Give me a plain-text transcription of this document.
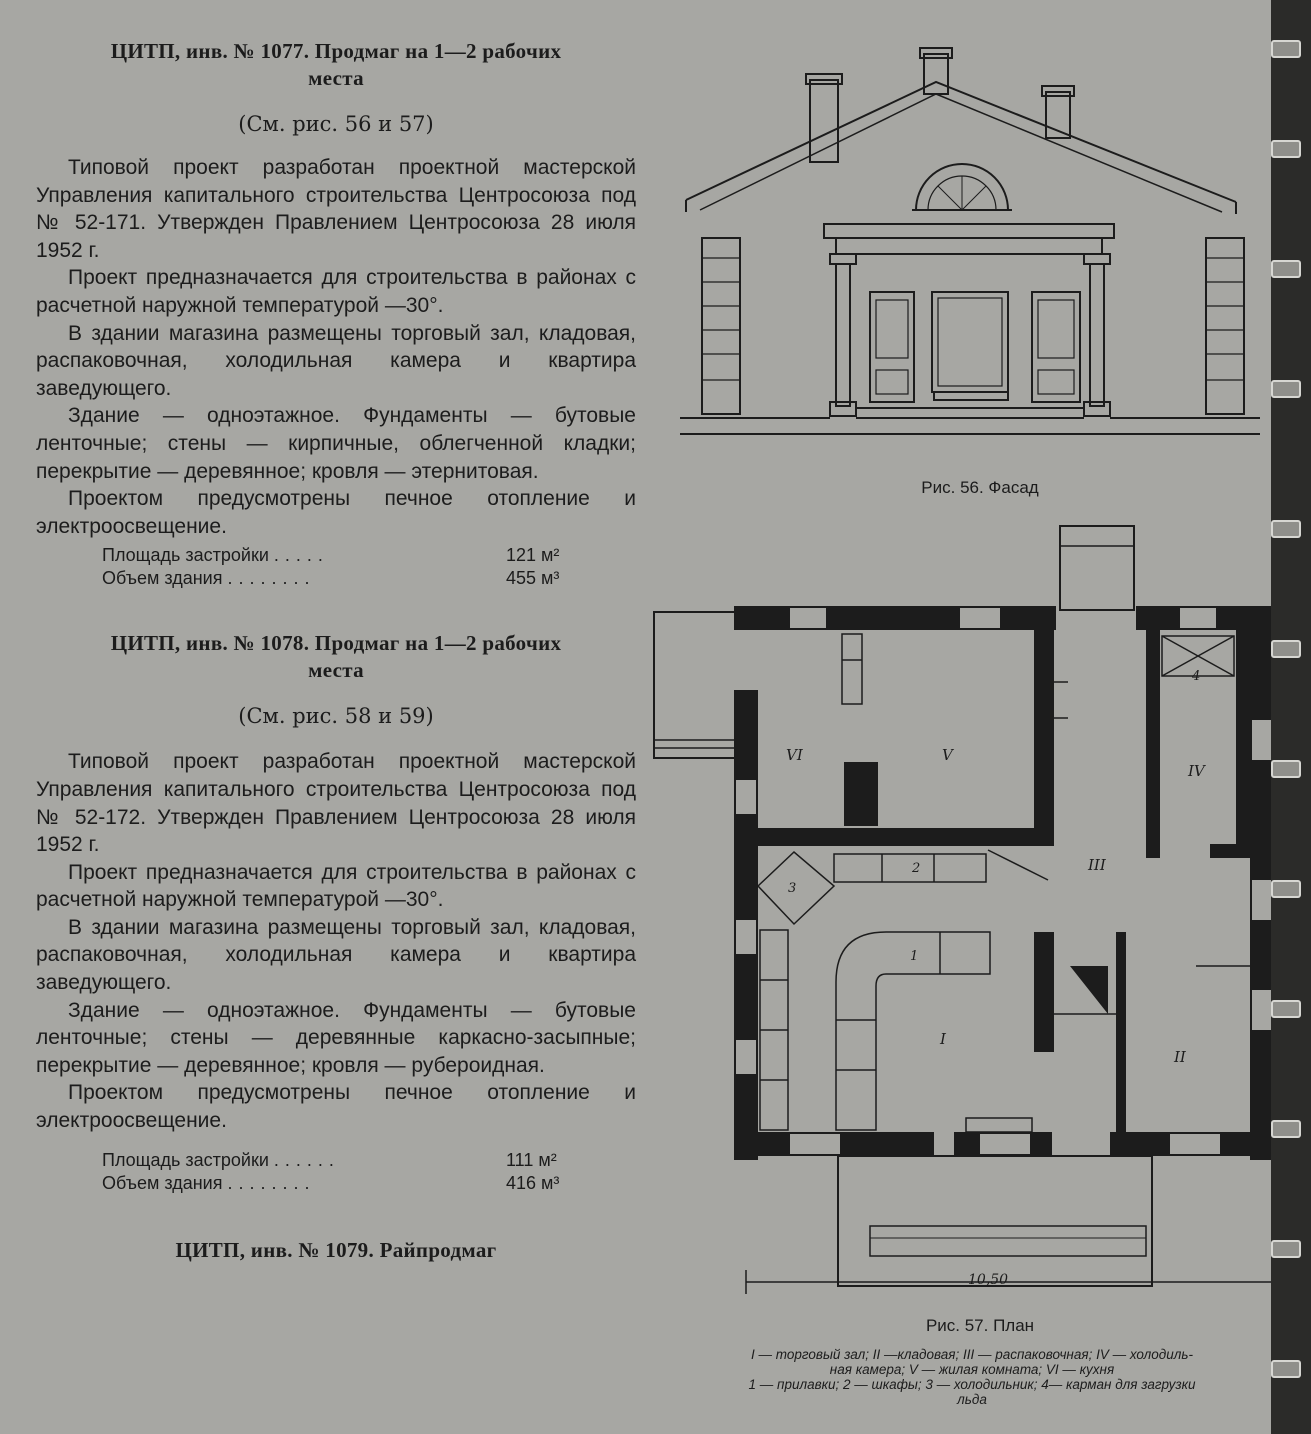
ЦИТП, инв. № 1077. Продмаг на 1—2 рабочих
места
(См. рис. 56 и 57)

Типовой проект разработан проектной мастерской Управления капитального строительства Центросоюза под № 52-171. Утвержден Правлением Центросоюза 28 июля 1952 г.

Проект предназначается для строительства в районах с расчетной наружной температурой —30°.

В здании магазина размещены торговый зал, кладовая, распаковочная, холодильная камера и квартира заведующего.

Здание — одноэтажное. Фундаменты — бутовые ленточные; стены — кирпичные, облегченной кладки; перекрытие — деревянное; кровля — этернитовая.

Проектом предусмотрены печное отопление и электроосвещение.

Площадь застройки .....	121 м²
Объем здания ........	455 м³
ЦИТП, инв. № 1078. Продмаг на 1—2 рабочих
места
(См. рис. 58 и 59)

Типовой проект разработан проектной мастерской Управления капитального строительства Центросоюза под № 52-172. Утвержден Правлением Центросоюза 28 июля 1952 г.

Проект предназначается для строительства в районах с расчетной наружной температурой —30°.

В здании магазина размещены торговый зал, кладовая, распаковочная, холодильная камера и квартира заведующего.

Здание — одноэтажное. Фундаменты — бутовые ленточные; стены — деревянные каркасно-засыпные; перекрытие — деревянное; кровля — рубероидная.

Проектом предусмотрены печное отопление и электроосвещение.

Площадь застройки ......	111 м²
Объем здания ........	416 м³
ЦИТП, инв. № 1079. Райпродмаг
Рис. 56. Фасад
I
II
III
IV
V
VI
1
2
3
4
10,50
Рис. 57. План
I — торговый зал; II —кладовая; III — распаковочная; IV — холодиль-
ная камера; V — жилая комната; VI — кухня
1 — прилавки; 2 — шкафы; 3 — холодильник; 4— карман для загрузки
льда
